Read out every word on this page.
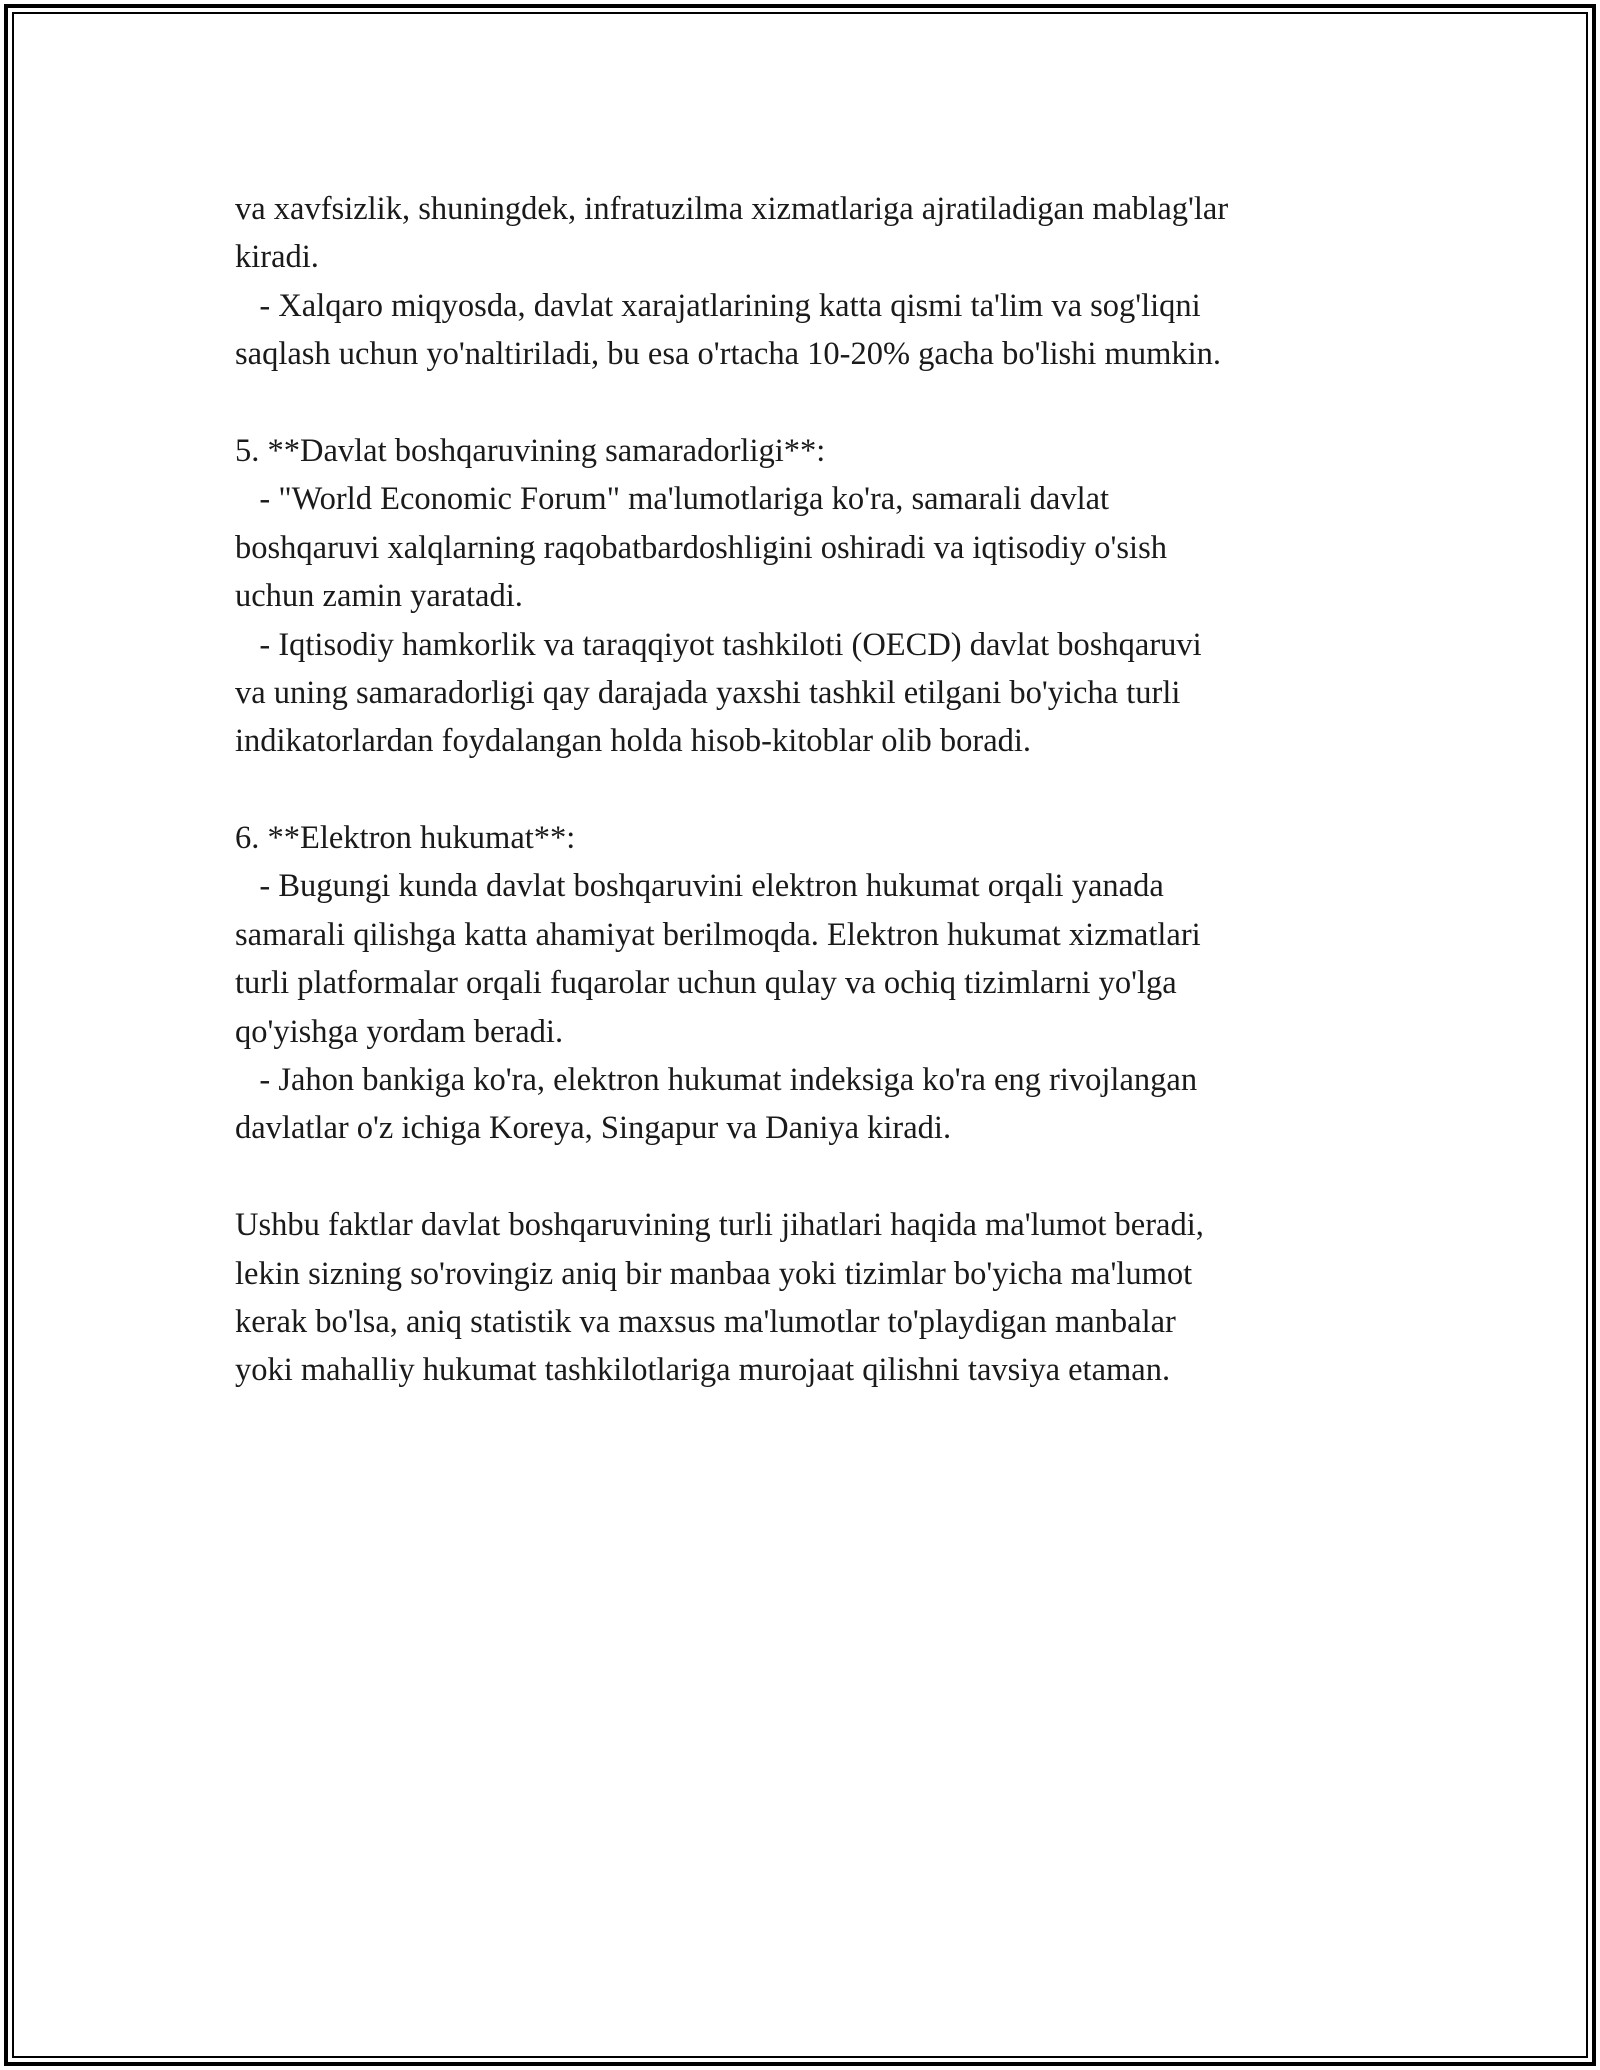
va xavfsizlik, shuningdek, infratuzilma xizmatlariga ajratiladigan mablag'lar
kiradi.
- Xalqaro miqyosda, davlat xarajatlarining katta qismi ta'lim va sog'liqni
saqlash uchun yo'naltiriladi, bu esa o'rtacha 10-20% gacha bo'lishi mumkin.
5. **Davlat boshqaruvining samaradorligi**:
- "World Economic Forum" ma'lumotlariga ko'ra, samarali davlat
boshqaruvi xalqlarning raqobatbardoshligini oshiradi va iqtisodiy o'sish
uchun zamin yaratadi.
- Iqtisodiy hamkorlik va taraqqiyot tashkiloti (OECD) davlat boshqaruvi
va uning samaradorligi qay darajada yaxshi tashkil etilgani bo'yicha turli
indikatorlardan foydalangan holda hisob-kitoblar olib boradi.
6. **Elektron hukumat**:
- Bugungi kunda davlat boshqaruvini elektron hukumat orqali yanada
samarali qilishga katta ahamiyat berilmoqda. Elektron hukumat xizmatlari
turli platformalar orqali fuqarolar uchun qulay va ochiq tizimlarni yo'lga
qo'yishga yordam beradi.
- Jahon bankiga ko'ra, elektron hukumat indeksiga ko'ra eng rivojlangan
davlatlar o'z ichiga Koreya, Singapur va Daniya kiradi.
Ushbu faktlar davlat boshqaruvining turli jihatlari haqida ma'lumot beradi,
lekin sizning so'rovingiz aniq bir manbaa yoki tizimlar bo'yicha ma'lumot
kerak bo'lsa, aniq statistik va maxsus ma'lumotlar to'playdigan manbalar
yoki mahalliy hukumat tashkilotlariga murojaat qilishni tavsiya etaman.
